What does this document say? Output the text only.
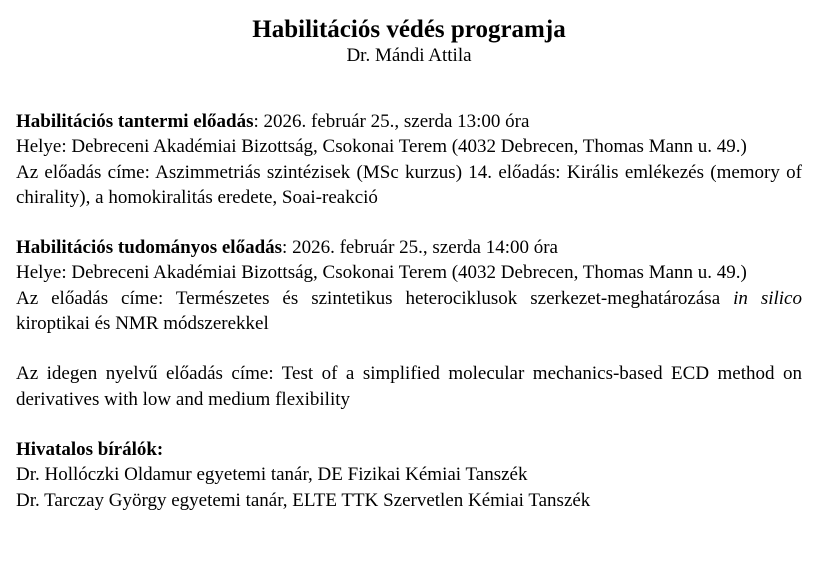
Habilitációs védés programja
Dr. Mándi Attila

Habilitációs tantermi előadás: 2026. február 25., szerda 13:00 óra

Helye: Debreceni Akadémiai Bizottság, Csokonai Terem (4032 Debrecen, Thomas Mann u. 49.)

Az előadás címe: Aszimmetriás szintézisek (MSc kurzus) 14. előadás: Királis emlékezés (memory of chirality), a homokiralitás eredete, Soai-reakció

Habilitációs tudományos előadás: 2026. február 25., szerda 14:00 óra

Helye: Debreceni Akadémiai Bizottság, Csokonai Terem (4032 Debrecen, Thomas Mann u. 49.)

Az előadás címe: Természetes és szintetikus heterociklusok szerkezet-meghatározása in silico kiroptikai és NMR módszerekkel

Az idegen nyelvű előadás címe: Test of a simplified molecular mechanics-based ECD method on derivatives with low and medium flexibility

Hivatalos bírálók:

Dr. Hollóczki Oldamur egyetemi tanár, DE Fizikai Kémiai Tanszék

Dr. Tarczay György egyetemi tanár, ELTE TTK Szervetlen Kémiai Tanszék
